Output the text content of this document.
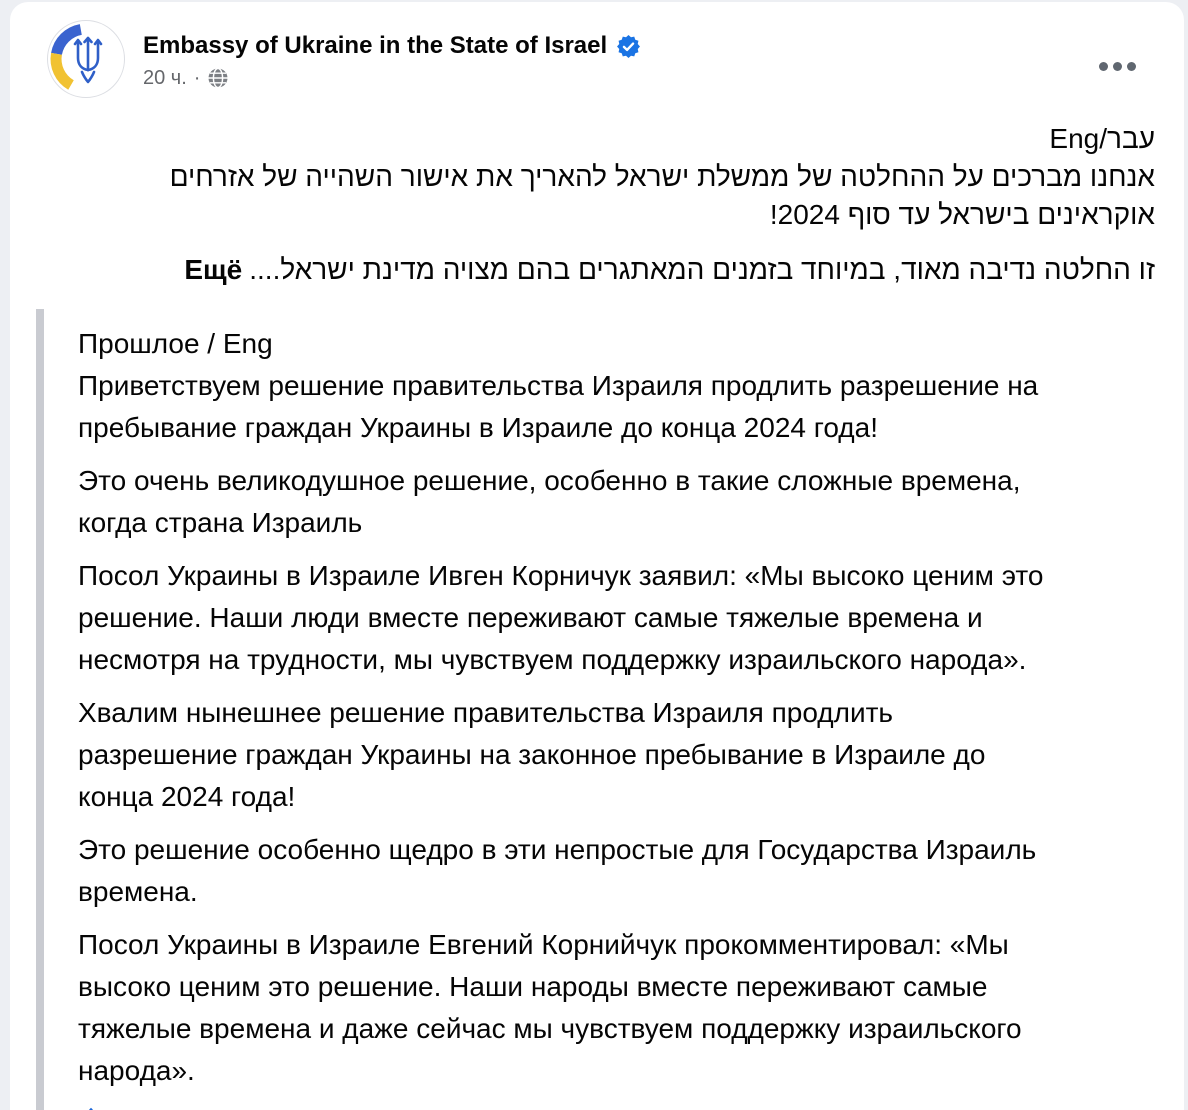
Embassy of Ukraine in the State of Israel
20 ч. ·
עבר/Eng
אנחנו מברכים על ההחלטה של ממשלת ישראל להאריך את אישור השהייה של אזרחים
אוקראינים בישראל עד סוף 2024!
זו החלטה נדיבה מאוד, במיוחד בזמנים המאתגרים בהם מצויה מדינת ישראל....Ещё

Прошлое / Eng
Приветствуем решение правительства Израиля продлить разрешение на
пребывание граждан Украины в Израиле до конца 2024 года!

Это очень великодушное решение, особенно в такие сложные времена,
когда страна Израиль

Посол Украины в Израиле Ивген Корничук заявил: «Мы высоко ценим это
решение. Наши люди вместе переживают самые тяжелые времена и
несмотря на трудности, мы чувствуем поддержку израильского народа».

Хвалим нынешнее решение правительства Израиля продлить
разрешение граждан Украины на законное пребывание в Израиле до
конца 2024 года!

Это решение особенно щедро в эти непростые для Государства Израиль
времена.

Посол Украины в Израиле Евгений Корнийчук прокомментировал: «Мы
высоко ценим это решение. Наши народы вместе переживают самые
тяжелые времена и даже сейчас мы чувствуем поддержку израильского
народа».
